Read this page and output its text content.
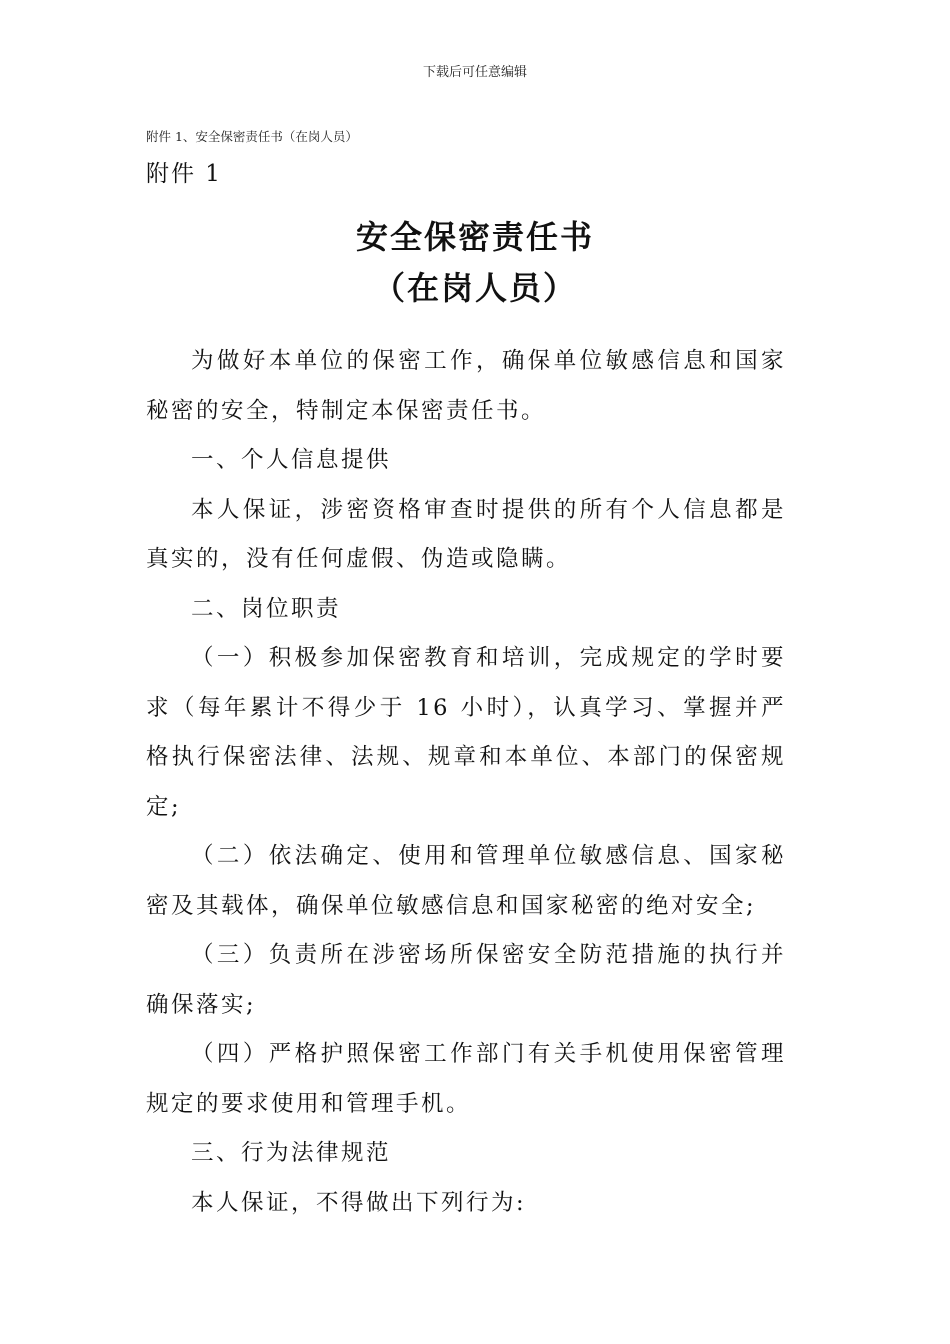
下载后可任意编辑
附件 1、安全保密责任书（在岗人员）
附件 1
安全保密责任书
（在岗人员）

为做好本单位的保密工作，确保单位敏感信息和国家秘密的安全，特制定本保密责任书。

一、个人信息提供

本人保证，涉密资格审查时提供的所有个人信息都是真实的，没有任何虚假、伪造或隐瞒。

二、岗位职责

（一）积极参加保密教育和培训，完成规定的学时要求（每年累计不得少于 16 小时），认真学习、掌握并严格执行保密法律、法规、规章和本单位、本部门的保密规定;

（二）依法确定、使用和管理单位敏感信息、国家秘密及其载体，确保单位敏感信息和国家秘密的绝对安全;

（三）负责所在涉密场所保密安全防范措施的执行并确保落实;

（四）严格护照保密工作部门有关手机使用保密管理规定的要求使用和管理手机。

三、行为法律规范

本人保证，不得做出下列行为:
